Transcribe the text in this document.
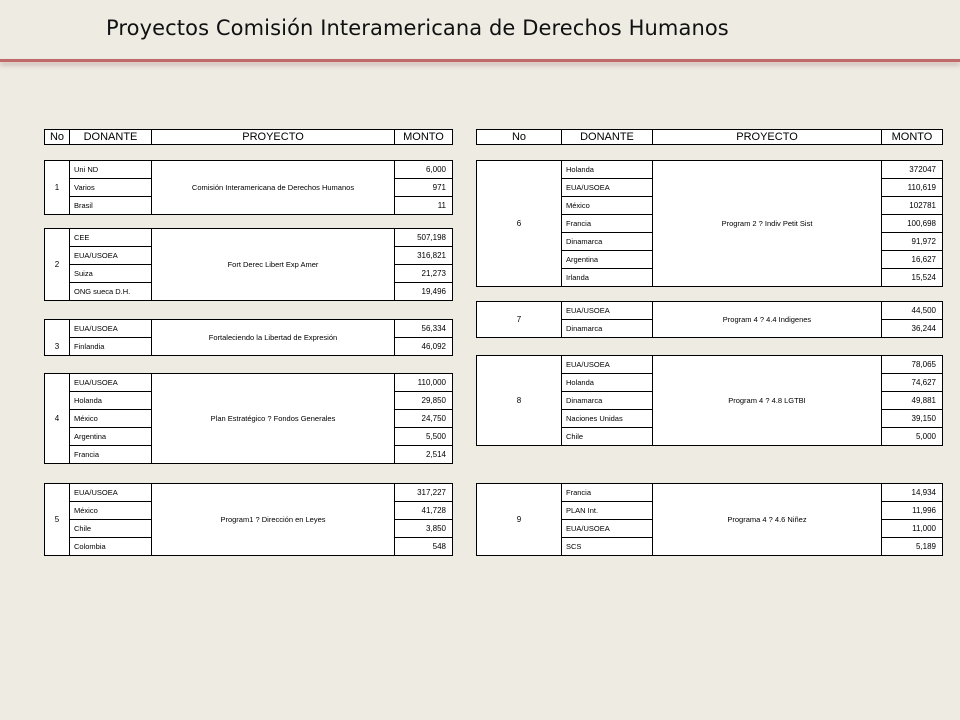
Proyectos Comisión Interamericana de Derechos Humanos
No	DONANTE	PROYECTO	MONTO	No	DONANTE	PROYECTO	MONTO
1	Uni ND	Comisión Interamericana de Derechos Humanos	6,000
	Varios		971
	Brasil		11
2	CEE	Fort Derec Libert Exp Amer	507,198
	EUA/USOEA		316,821
	Suiza		21,273
	ONG sueca D.H.		19,496
3	EUA/USOEA	Fortaleciendo la Libertad de Expresión	56,334
	Finlandia		46,092
4	EUA/USOEA	Plan Estratégico ? Fondos Generales	110,000
	Holanda		29,850
	México		24,750
	Argentina		5,500
	Francia		2,514
5	EUA/USOEA	Program1 ? Dirección en Leyes	317,227
	México		41,728
	Chile		3,850
	Colombia		548
6	Holanda	Program 2 ? Indiv Petit Sist	372047
	EUA/USOEA		110,619
	México		102781
	Francia		100,698
	Dinamarca		91,972
	Argentina		16,627
	Irlanda		15,524
7	EUA/USOEA	Program 4 ? 4.4 Indigenes	44,500
	Dinamarca		36,244
8	EUA/USOEA	Program 4 ? 4.8 LGTBI	78,065
	Holanda		74,627
	Dinamarca		49,881
	Naciones Unidas		39,150
	Chile		5,000
9	Francia	Programa 4 ? 4.6 Niñez	14,934
	PLAN Int.		11,996
	EUA/USOEA		11,000
	SCS		5,189
